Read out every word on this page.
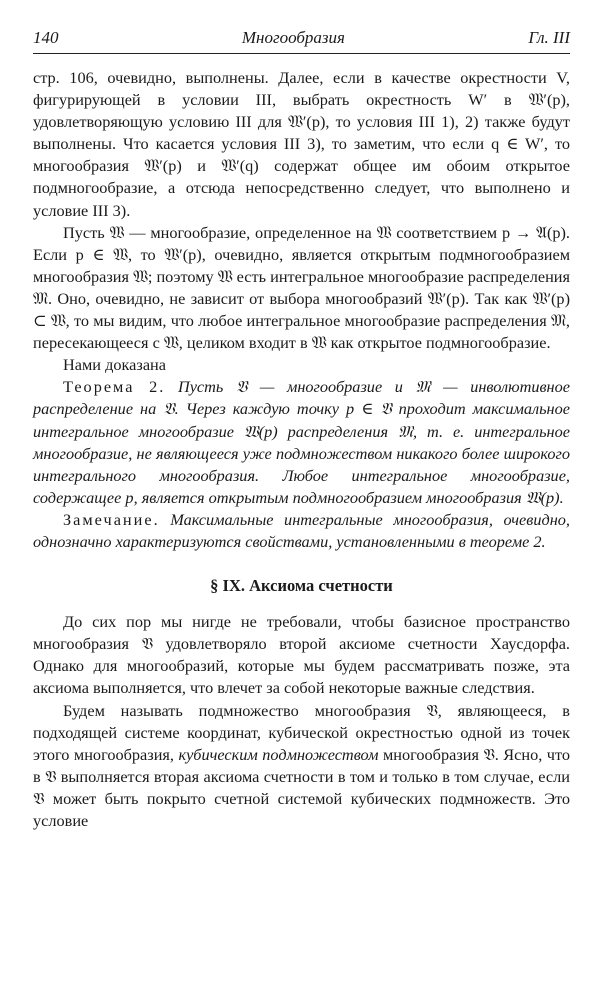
140	Многообразия	Гл. III

стр. 106, очевидно, выполнены. Далее, если в качестве окрестности V, фигурирующей в условии III, выбрать окрестность W′ в 𝔚′(p), удовлетворяющую условию III для 𝔚′(p), то условия III 1), 2) также будут выполнены. Что касается условия III 3), то заметим, что если q ∈ W′, то многообразия 𝔚′(p) и 𝔚′(q) содержат общее им обоим открытое подмногообразие, а отсюда непосредственно следует, что выполнено и условие III 3).

Пусть 𝔚 — многообразие, определенное на 𝔚 соответствием p → 𝔄(p). Если p ∈ 𝔚, то 𝔚′(p), очевидно, является открытым подмногообразием многообразия 𝔚; поэтому 𝔚 есть интегральное многообразие распределения 𝔐. Оно, очевидно, не зависит от выбора многообразий 𝔚′(p). Так как 𝔚′(p) ⊂ 𝔚, то мы видим, что любое интегральное многообразие распределения 𝔐, пересекающееся с 𝔚, целиком входит в 𝔚 как открытое подмногообразие.

Нами доказана

Теорема 2. Пусть 𝔙 — многообразие и 𝔐 — инволютивное распределение на 𝔙. Через каждую точку p ∈ 𝔙 проходит максимальное интегральное многообразие 𝔚(p) распределения 𝔐, т. е. интегральное многообразие, не являющееся уже подмножеством никакого более широкого интегрального многообразия. Любое интегральное многообразие, содержащее p, является открытым подмногообразием многообразия 𝔚(p).

Замечание. Максимальные интегральные многообразия, очевидно, однозначно характеризуются свойствами, установленными в теореме 2.

§ IX. Аксиома счетности

До сих пор мы нигде не требовали, чтобы базисное пространство многообразия 𝔙 удовлетворяло второй аксиоме счетности Хаусдорфа. Однако для многообразий, которые мы будем рассматривать позже, эта аксиома выполняется, что влечет за собой некоторые важные следствия.

Будем называть подмножество многообразия 𝔙, являющееся, в подходящей системе координат, кубической окрестностью одной из точек этого многообразия, кубическим подмножеством многообразия 𝔙. Ясно, что в 𝔙 выполняется вторая аксиома счетности в том и только в том случае, если 𝔙 может быть покрыто счетной системой кубических подмножеств. Это условие
